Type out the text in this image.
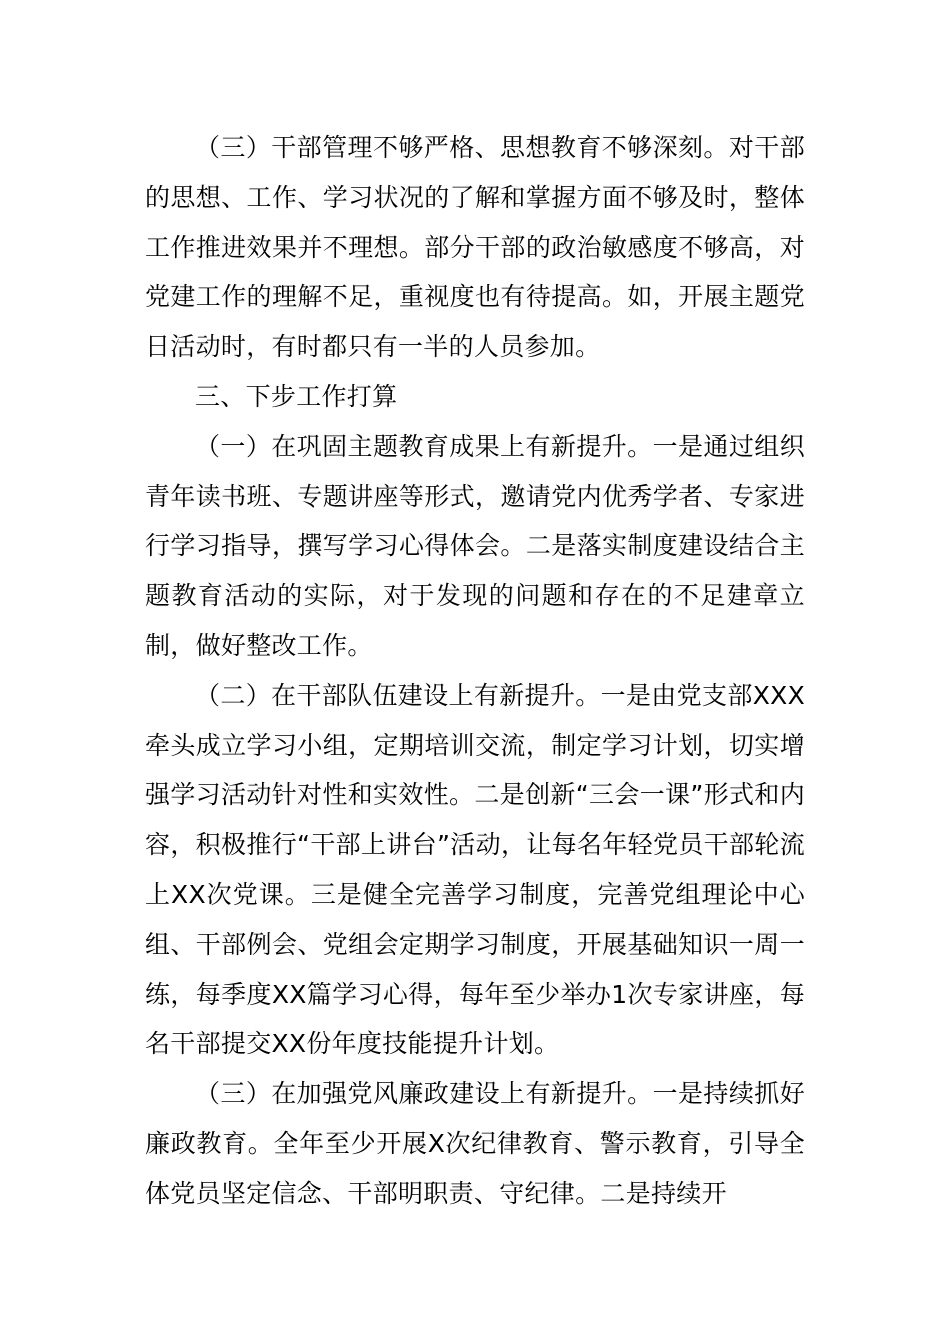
（三）干部管理不够严格、思想教育不够深刻。对干部的思想、工作、学习状况的了解和掌握方面不够及时，整体工作推进效果并不理想。部分干部的政治敏感度不够高，对党建工作的理解不足，重视度也有待提高。如，开展主题党日活动时，有时都只有一半的人员参加。

三、下步工作打算

（一）在巩固主题教育成果上有新提升。一是通过组织青年读书班、专题讲座等形式，邀请党内优秀学者、专家进行学习指导，撰写学习心得体会。二是落实制度建设结合主题教育活动的实际，对于发现的问题和存在的不足建章立制，做好整改工作。

（二）在干部队伍建设上有新提升。一是由党支部XXX牵头成立学习小组，定期培训交流，制定学习计划，切实增强学习活动针对性和实效性。二是创新“三会一课”形式和内容，积极推行“干部上讲台”活动，让每名年轻党员干部轮流上XX次党课。三是健全完善学习制度，完善党组理论中心组、干部例会、党组会定期学习制度，开展基础知识一周一练，每季度XX篇学习心得，每年至少举办1次专家讲座，每名干部提交XX份年度技能提升计划。

（三）在加强党风廉政建设上有新提升。一是持续抓好廉政教育。全年至少开展X次纪律教育、警示教育，引导全体党员坚定信念、干部明职责、守纪律。二是持续开
